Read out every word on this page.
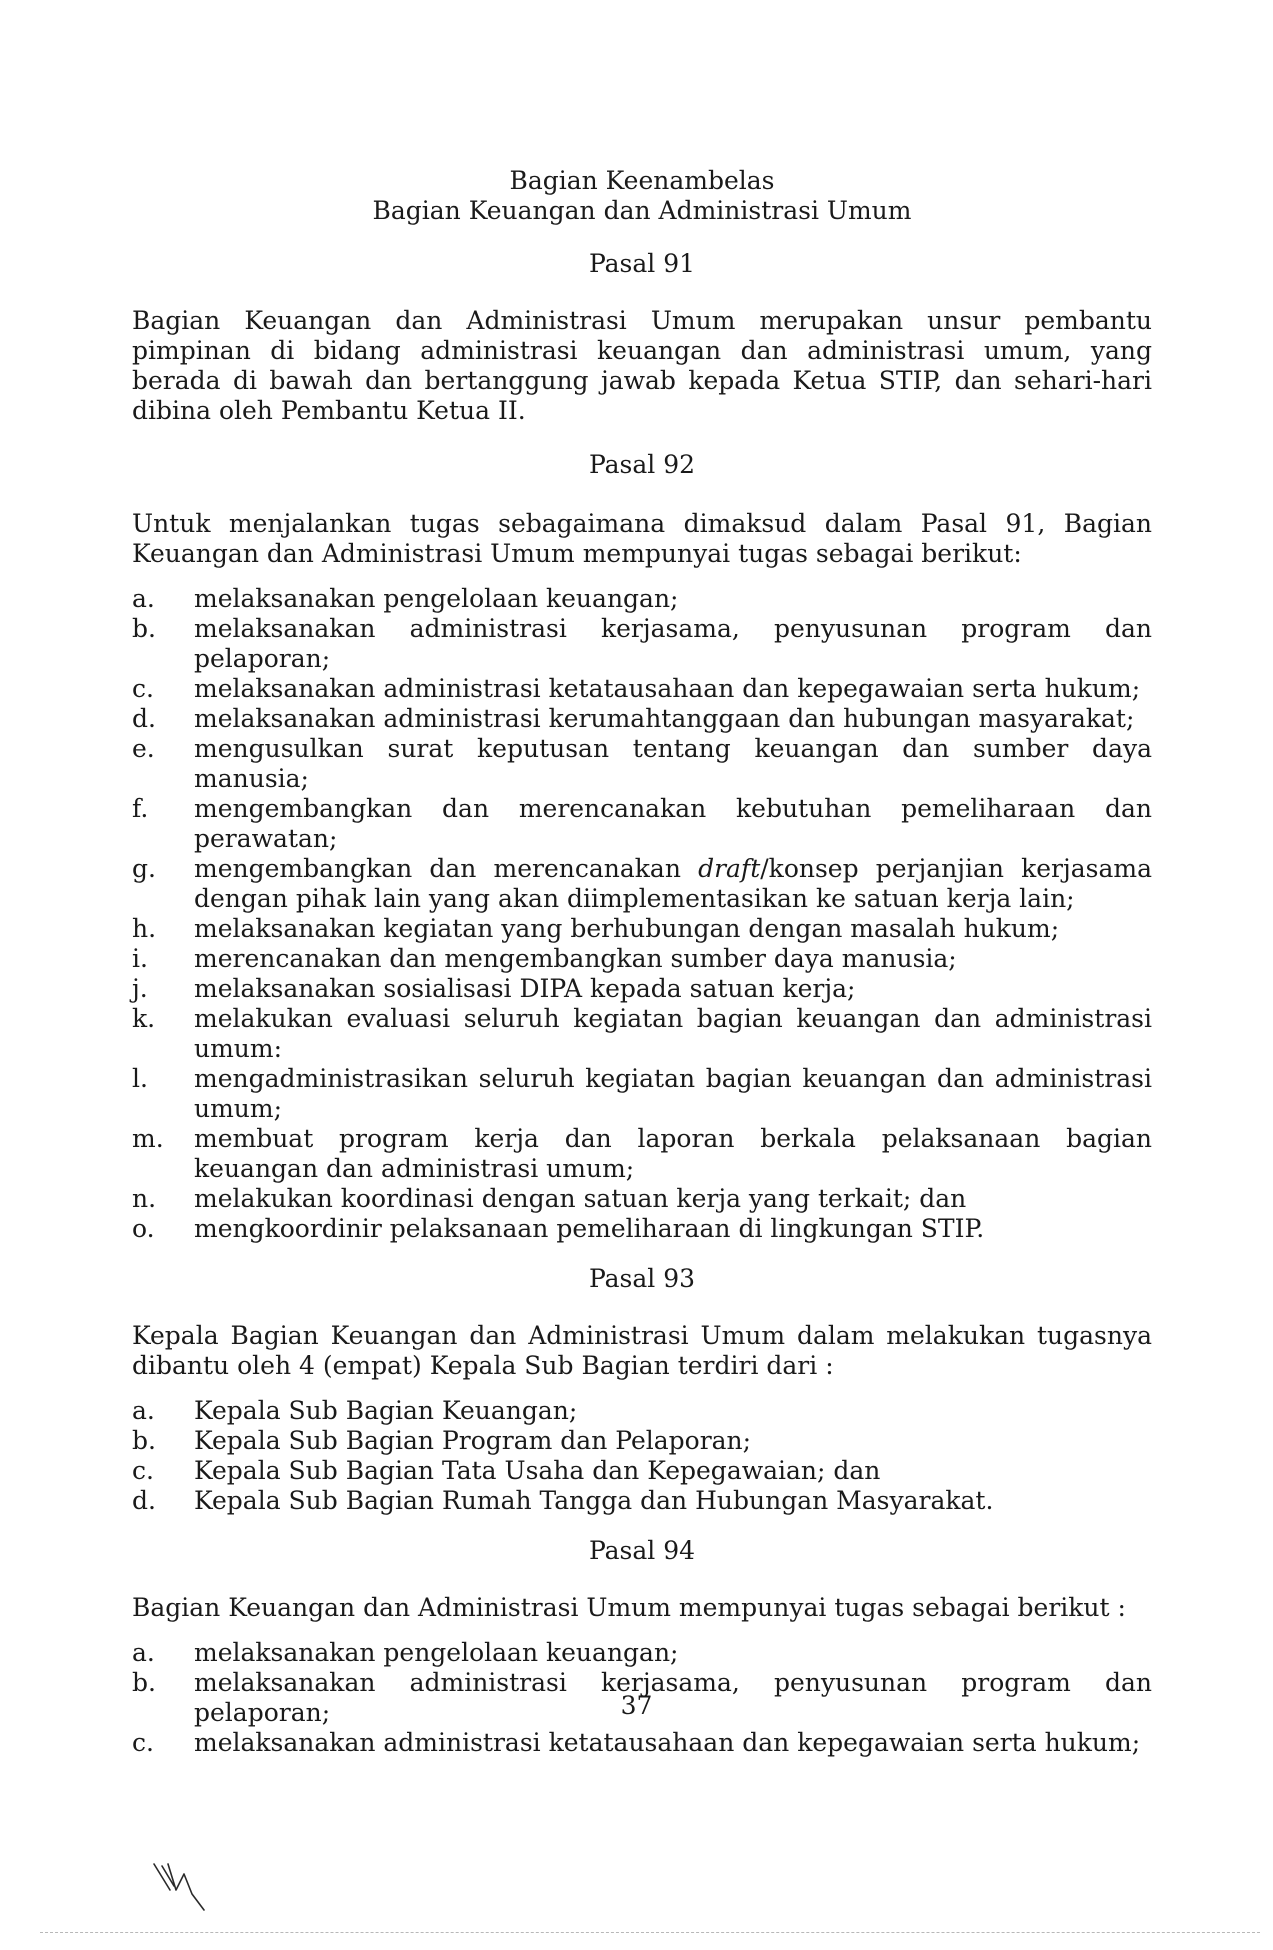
Bagian Keenambelas

Bagian Keuangan dan Administrasi Umum

Pasal 91

Bagian Keuangan dan Administrasi Umum merupakan unsur pembantu pimpinan di bidang administrasi keuangan dan administrasi umum, yang berada di bawah dan bertanggung jawab kepada Ketua STIP, dan sehari-hari dibina oleh Pembantu Ketua II.

Pasal 92

Untuk menjalankan tugas sebagaimana dimaksud dalam Pasal 91, Bagian Keuangan dan Administrasi Umum mempunyai tugas sebagai berikut:

a.	melaksanakan pengelolaan keuangan;
b.	melaksanakan administrasi kerjasama, penyusunan program dan pelaporan;
c.	melaksanakan administrasi ketatausahaan dan kepegawaian serta hukum;
d.	melaksanakan administrasi kerumahtanggaan dan hubungan masyarakat;
e.	mengusulkan surat keputusan tentang keuangan dan sumber daya manusia;
f.	mengembangkan dan merencanakan kebutuhan pemeliharaan dan perawatan;
g.	mengembangkan dan merencanakan draft/konsep perjanjian kerjasama dengan pihak lain yang akan diimplementasikan ke satuan kerja lain;
h.	melaksanakan kegiatan yang berhubungan dengan masalah hukum;
i.	merencanakan dan mengembangkan sumber daya manusia;
j.	melaksanakan sosialisasi DIPA kepada satuan kerja;
k.	melakukan evaluasi seluruh kegiatan bagian keuangan dan administrasi umum:
l.	mengadministrasikan seluruh kegiatan bagian keuangan dan administrasi umum;
m.	membuat program kerja dan laporan berkala pelaksanaan bagian keuangan dan administrasi umum;
n.	melakukan koordinasi dengan satuan kerja yang terkait; dan
o.	mengkoordinir pelaksanaan pemeliharaan di lingkungan STIP.

Pasal 93

Kepala Bagian Keuangan dan Administrasi Umum dalam melakukan tugasnya dibantu oleh 4 (empat) Kepala Sub Bagian terdiri dari :

a.	Kepala Sub Bagian Keuangan;
b.	Kepala Sub Bagian Program dan Pelaporan;
c.	Kepala Sub Bagian Tata Usaha dan Kepegawaian; dan
d.	Kepala Sub Bagian Rumah Tangga dan Hubungan Masyarakat.

Pasal 94

Bagian Keuangan dan Administrasi Umum mempunyai tugas sebagai berikut :

a.	melaksanakan pengelolaan keuangan;
b.	melaksanakan administrasi kerjasama, penyusunan program dan pelaporan;
c.	melaksanakan administrasi ketatausahaan dan kepegawaian serta hukum;
37
